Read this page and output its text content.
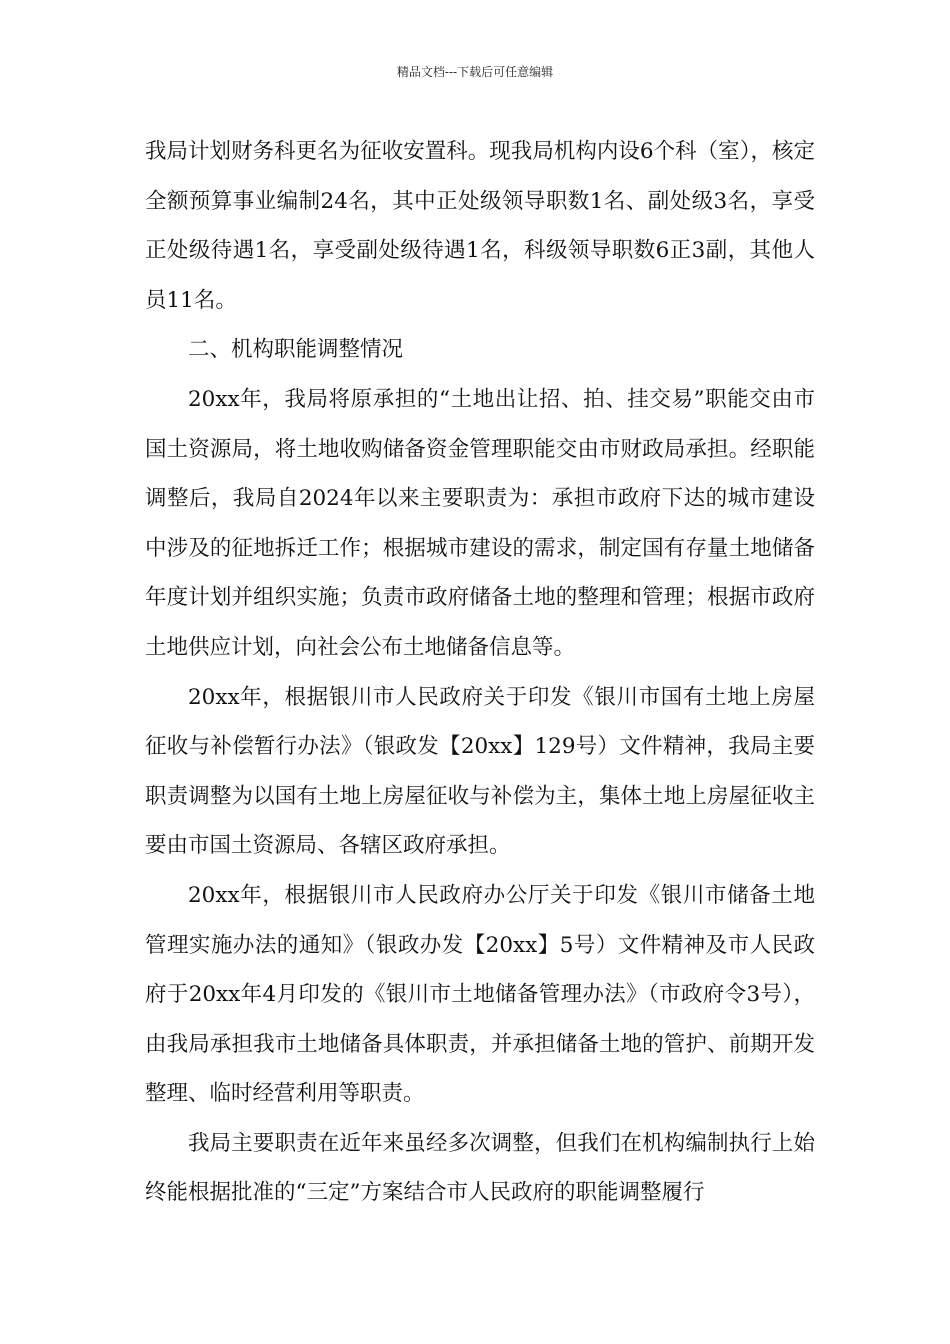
精品文档---下载后可任意编辑

我局计划财务科更名为征收安置科。现我局机构内设6个科（室），核定全额预算事业编制24名，其中正处级领导职数1名、副处级3名，享受正处级待遇1名，享受副处级待遇1名，科级领导职数6正3副，其他人员11名。

二、机构职能调整情况

20xx年，我局将原承担的“土地出让招、拍、挂交易”职能交由市国土资源局，将土地收购储备资金管理职能交由市财政局承担。经职能调整后，我局自2024年以来主要职责为：承担市政府下达的城市建设中涉及的征地拆迁工作；根据城市建设的需求，制定国有存量土地储备年度计划并组织实施；负责市政府储备土地的整理和管理；根据市政府土地供应计划，向社会公布土地储备信息等。

20xx年，根据银川市人民政府关于印发《银川市国有土地上房屋征收与补偿暂行办法》（银政发【20xx】129号）文件精神，我局主要职责调整为以国有土地上房屋征收与补偿为主，集体土地上房屋征收主要由市国土资源局、各辖区政府承担。

20xx年，根据银川市人民政府办公厅关于印发《银川市储备土地管理实施办法的通知》（银政办发【20xx】5号）文件精神及市人民政府于20xx年4月印发的《银川市土地储备管理办法》（市政府令3号），由我局承担我市土地储备具体职责，并承担储备土地的管护、前期开发整理、临时经营利用等职责。

我局主要职责在近年来虽经多次调整，但我们在机构编制执行上始终能根据批准的“三定”方案结合市人民政府的职能调整履行
